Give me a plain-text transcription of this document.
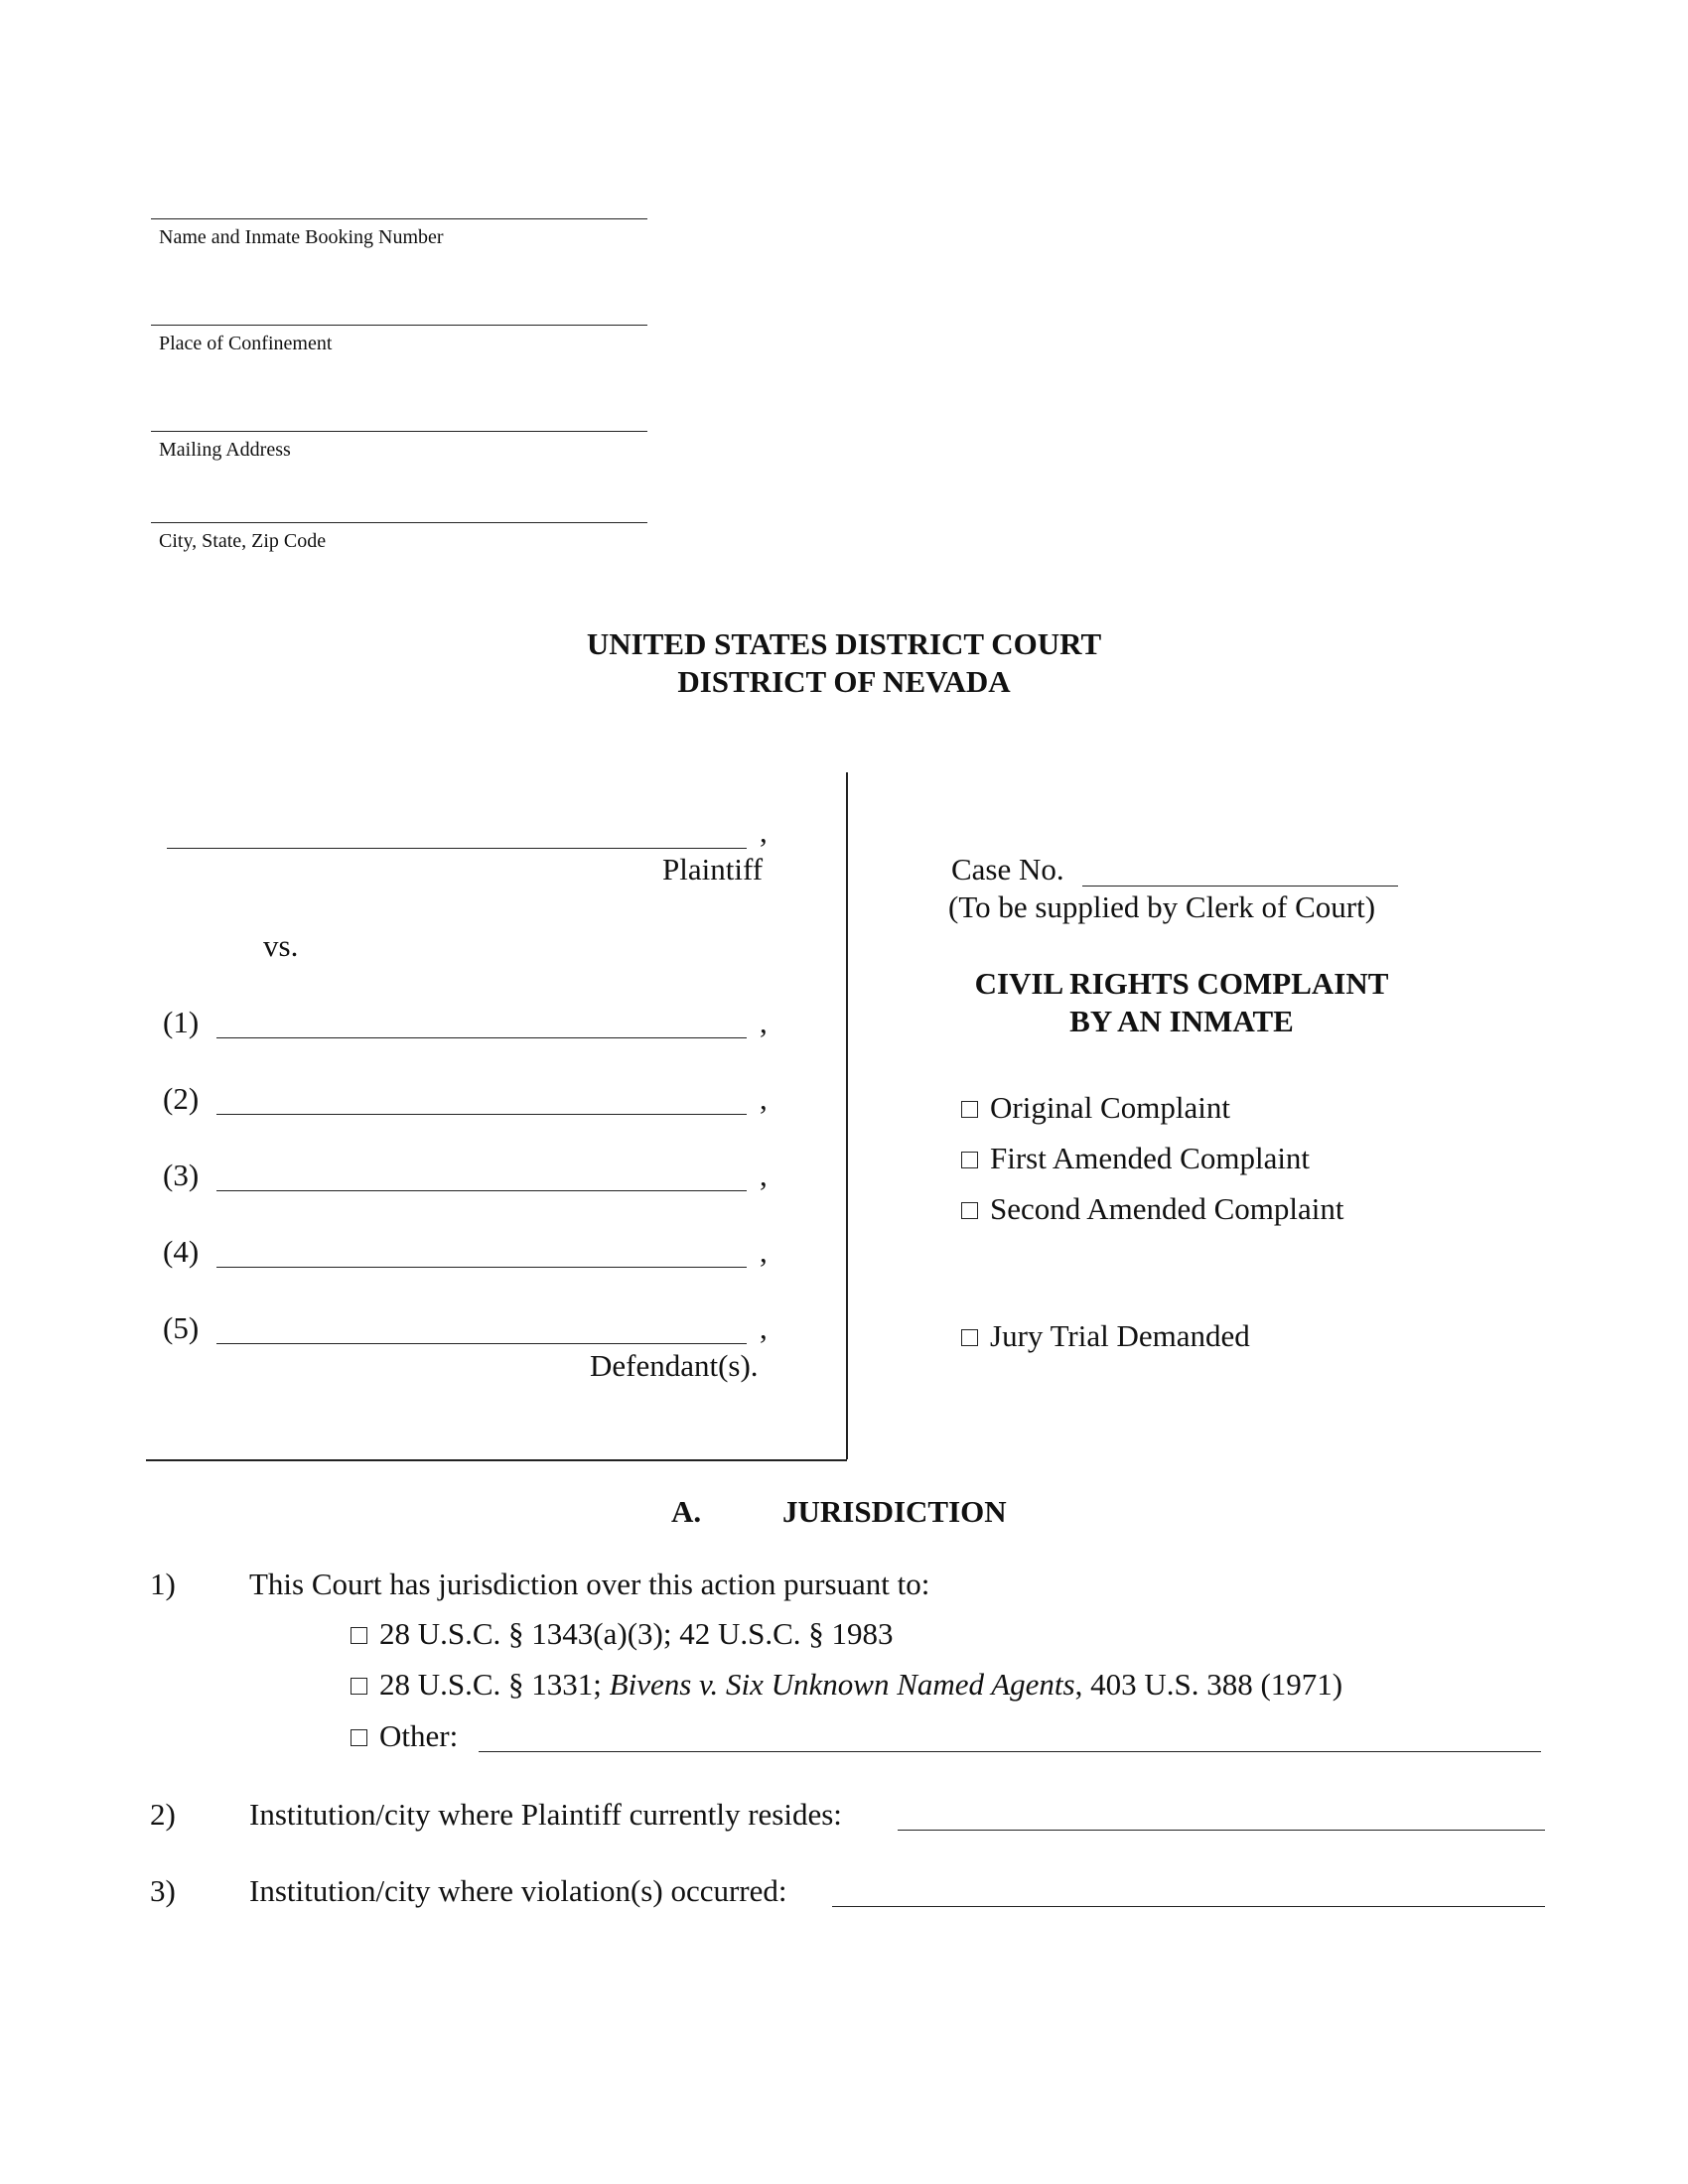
Name and Inmate Booking Number
Place of Confinement
Mailing Address
City, State, Zip Code
UNITED STATES DISTRICT COURT
DISTRICT OF NEVADA
,
Plaintiff
vs.
(1)	,
(2)	,
(3)	,
(4)	,
(5)	,
Defendant(s).
Case No.
(To be supplied by Clerk of Court)
CIVIL RIGHTS COMPLAINT
BY AN INMATE
Original Complaint
First Amended Complaint
Second Amended Complaint
Jury Trial Demanded
A.	JURISDICTION
1) This Court has jurisdiction over this action pursuant to:
28 U.S.C. § 1343(a)(3); 42 U.S.C. § 1983
28 U.S.C. § 1331; Bivens v. Six Unknown Named Agents, 403 U.S. 388 (1971)
Other:
2) Institution/city where Plaintiff currently resides:
3) Institution/city where violation(s) occurred:
